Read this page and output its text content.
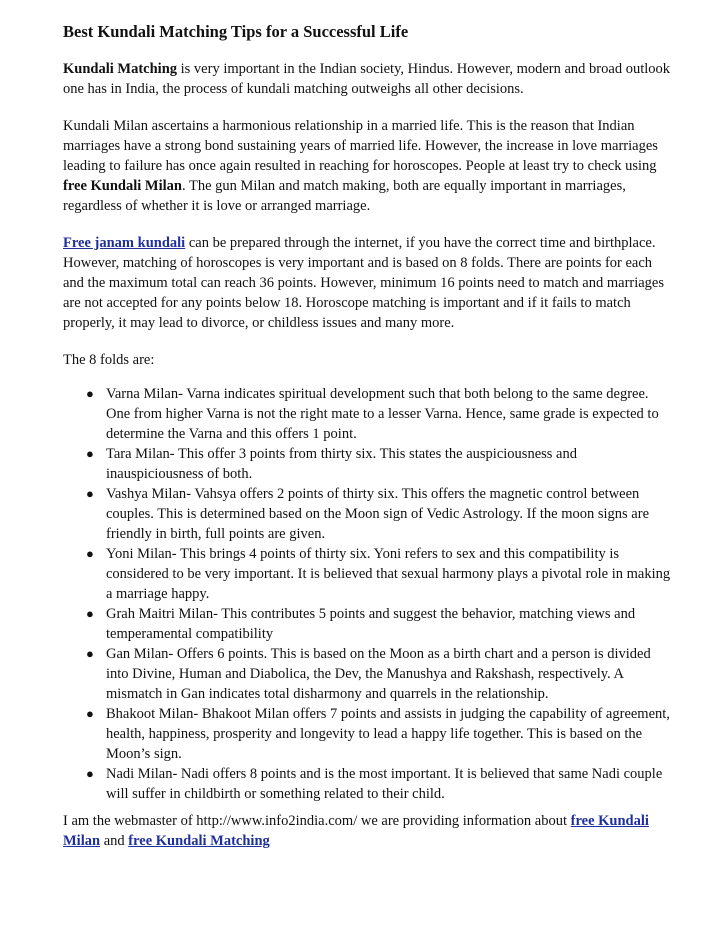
Best Kundali Matching Tips for a Successful Life

Kundali Matching is very important in the Indian society, Hindus. However, modern and broad outlook one has in India, the process of kundali matching outweighs all other decisions.

Kundali Milan ascertains a harmonious relationship in a married life. This is the reason that Indian marriages have a strong bond sustaining years of married life. However, the increase in love marriages leading to failure has once again resulted in reaching for horoscopes. People at least try to check using free Kundali Milan. The gun Milan and match making, both are equally important in marriages, regardless of whether it is love or arranged marriage.

Free janam kundali can be prepared through the internet, if you have the correct time and birthplace. However, matching of horoscopes is very important and is based on 8 folds. There are points for each and the maximum total can reach 36 points. However, minimum 16 points need to match and marriages are not accepted for any points below 18. Horoscope matching is important and if it fails to match properly, it may lead to divorce, or childless issues and many more.

The 8 folds are:

● Varna Milan- Varna indicates spiritual development such that both belong to the same degree. One from higher Varna is not the right mate to a lesser Varna. Hence, same grade is expected to determine the Varna and this offers 1 point.
● Tara Milan- This offer 3 points from thirty six. This states the auspiciousness and inauspiciousness of both.
● Vashya Milan- Vahsya offers 2 points of thirty six. This offers the magnetic control between couples. This is determined based on the Moon sign of Vedic Astrology. If the moon signs are friendly in birth, full points are given.
● Yoni Milan- This brings 4 points of thirty six. Yoni refers to sex and this compatibility is considered to be very important. It is believed that sexual harmony plays a pivotal role in making a marriage happy.
● Grah Maitri Milan- This contributes 5 points and suggest the behavior, matching views and temperamental compatibility
● Gan Milan- Offers 6 points. This is based on the Moon as a birth chart and a person is divided into Divine, Human and Diabolica, the Dev, the Manushya and Rakshash, respectively. A mismatch in Gan indicates total disharmony and quarrels in the relationship.
● Bhakoot Milan- Bhakoot Milan offers 7 points and assists in judging the capability of agreement, health, happiness, prosperity and longevity to lead a happy life together. This is based on the Moon’s sign.
● Nadi Milan- Nadi offers 8 points and is the most important. It is believed that same Nadi couple will suffer in childbirth or something related to their child.

I am the webmaster of http://www.info2india.com/ we are providing information about free Kundali Milan and free Kundali Matching
